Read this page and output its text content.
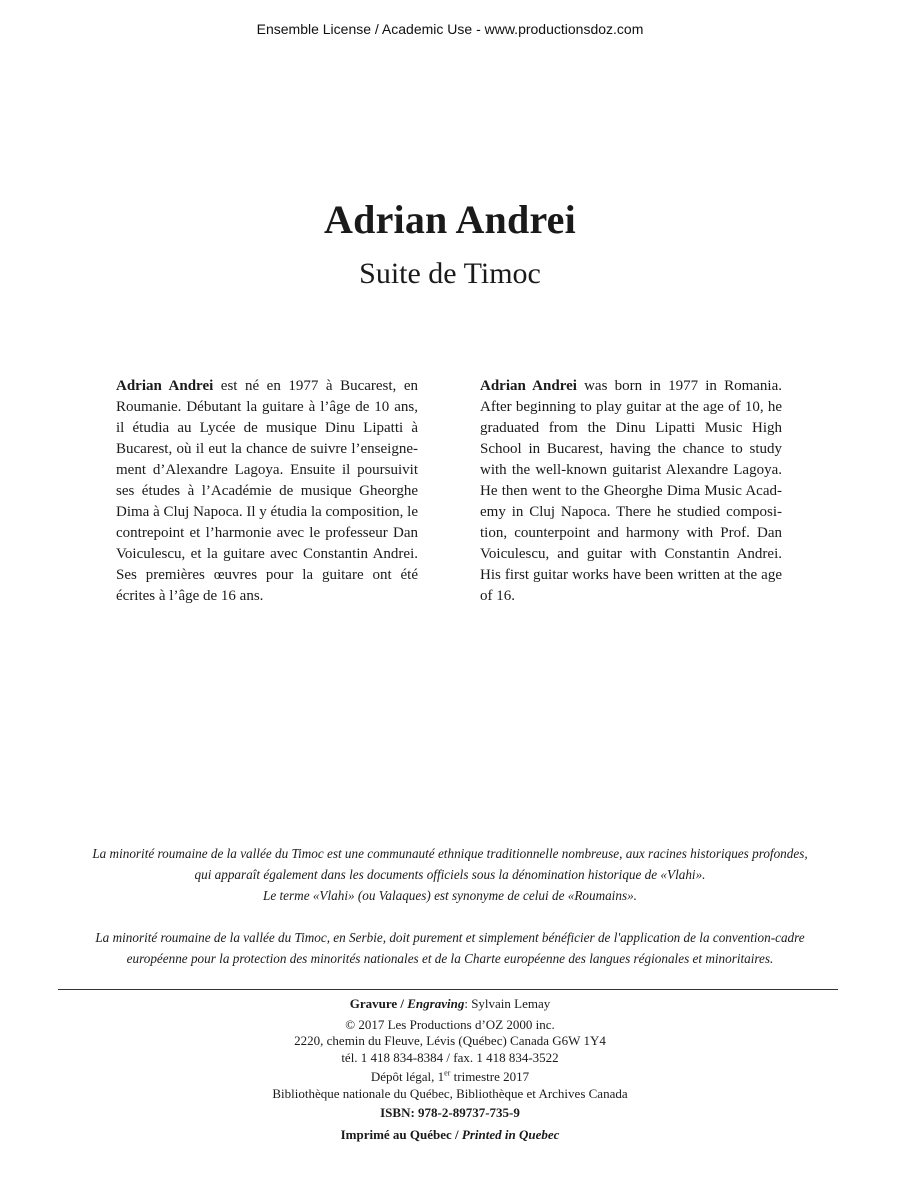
Ensemble License / Academic Use - www.productionsdoz.com
Adrian Andrei
Suite de Timoc
Adrian Andrei est né en 1977 à Bucarest, en Roumanie. Débutant la guitare à l’âge de 10 ans, il étudia au Lycée de musique Dinu Lipatti à Bucarest, où il eut la chance de suivre l’enseignement d’Alexandre Lagoya. Ensuite il poursuivit ses études à l’Académie de musique Gheorghe Dima à Cluj Napoca. Il y étudia la composition, le contrepoint et l’harmonie avec le professeur Dan Voiculescu, et la guitare avec Constantin Andrei. Ses premières œuvres pour la guitare ont été écrites à l’âge de 16 ans.
Adrian Andrei was born in 1977 in Romania. After beginning to play guitar at the age of 10, he graduated from the Dinu Lipatti Music High School in Bucarest, having the chance to study with the well-known guitarist Alexandre Lagoya. He then went to the Gheorghe Dima Music Academy in Cluj Napoca. There he studied composition, counterpoint and harmony with Prof. Dan Voiculescu, and guitar with Constantin Andrei. His first guitar works have been written at the age of 16.

La minorité roumaine de la vallée du Timoc est une communauté ethnique traditionnelle nombreuse, aux racines historiques profondes,

qui apparaît également dans les documents officiels sous la dénomination historique de «Vlahi».

Le terme «Vlahi» (ou Valaques) est synonyme de celui de «Roumains».

La minorité roumaine de la vallée du Timoc, en Serbie, doit purement et simplement bénéficier de l'application de la convention-cadre

européenne pour la protection des minorités nationales et de la Charte européenne des langues régionales et minoritaires.

Gravure / Engraving: Sylvain Lemay

© 2017 Les Productions d’OZ 2000 inc.

2220, chemin du Fleuve, Lévis (Québec) Canada G6W 1Y4

tél. 1 418 834-8384 / fax. 1 418 834-3522

Dépôt légal, 1er trimestre 2017

Bibliothèque nationale du Québec, Bibliothèque et Archives Canada

ISBN: 978-2-89737-735-9

Imprimé au Québec / Printed in Quebec
